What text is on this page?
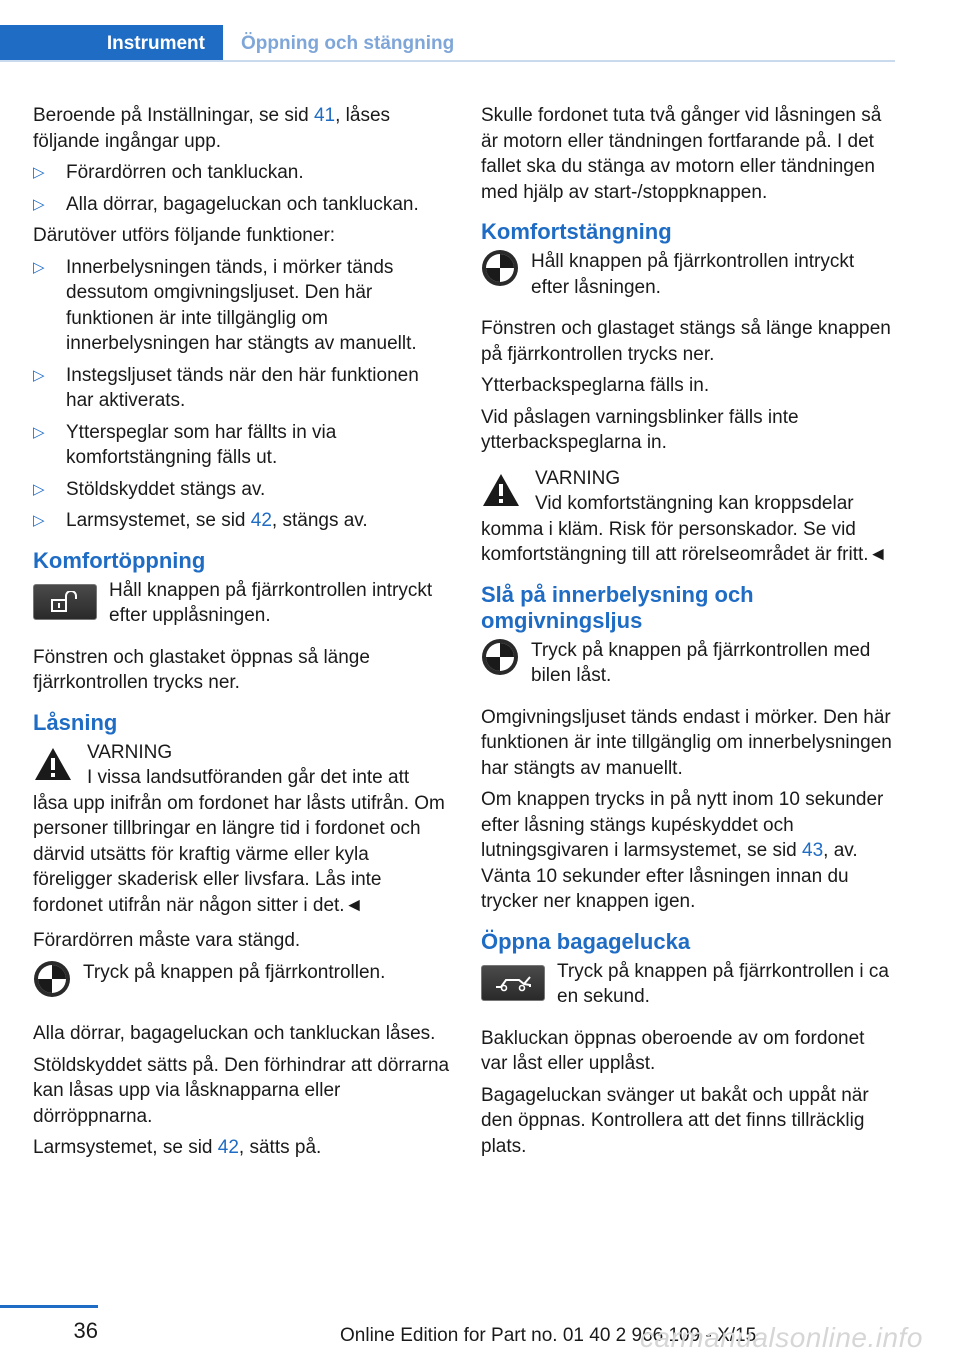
Instrument	Öppning och stängning

Beroende på Inställningar, se sid 41, låses följande ingångar upp.

▷ Förardörren och tankluckan.
▷ Alla dörrar, bagageluckan och tankluckan.

Därutöver utförs följande funktioner:

▷ Innerbelysningen tänds, i mörker tänds dessutom omgivningsljuset. Den här funktionen är inte tillgänglig om innerbelysningen har stängts av manuellt.
▷ Instegsljuset tänds när den här funktionen har aktiverats.
▷ Ytterspeglar som har fällts in via komfortstängning fälls ut.
▷ Stöldskyddet stängs av.
▷ Larmsystemet, se sid 42, stängs av.
Komfortöppning
Håll knappen på fjärrkontrollen intryckt efter upplåsningen.

Fönstren och glastaket öppnas så länge fjärrkontrollen trycks ner.

Låsning
VARNING
I vissa landsutföranden går det inte att
låsa upp inifrån om fordonet har låsts utifrån. Om personer tillbringar en längre tid i fordonet och därvid utsätts för kraftig värme eller kyla föreligger skaderisk eller livsfara. Lås inte fordonet utifrån när någon sitter i det.◄

Förardörren måste vara stängd.

Tryck på knappen på fjärrkontrollen.

Alla dörrar, bagageluckan och tankluckan låses.

Stöldskyddet sätts på. Den förhindrar att dörrarna kan låsas upp via låsknapparna eller dörröppnarna.

Larmsystemet, se sid 42, sätts på.

Skulle fordonet tuta två gånger vid låsningen så är motorn eller tändningen fortfarande på. I det fallet ska du stänga av motorn eller tändningen med hjälp av start-/stoppknappen.

Komfortstängning
Håll knappen på fjärrkontrollen intryckt efter låsningen.

Fönstren och glastaget stängs så länge knappen på fjärrkontrollen trycks ner.

Ytterbackspeglarna fälls in.

Vid påslagen varningsblinker fälls inte ytterbackspeglarna in.

VARNING
Vid komfortstängning kan kroppsdelar
komma i kläm. Risk för personskador. Se vid komfortstängning till att rörelseområdet är fritt.◄
Slå på innerbelysning och omgivningsljus
Tryck på knappen på fjärrkontrollen med bilen låst.

Omgivningsljuset tänds endast i mörker. Den här funktionen är inte tillgänglig om innerbelysningen har stängts av manuellt.

Om knappen trycks in på nytt inom 10 sekunder efter låsning stängs kupéskyddet och lutningsgivaren i larmsystemet, se sid 43, av. Vänta 10 sekunder efter låsningen innan du trycker ner knappen igen.

Öppna bagagelucka
Tryck på knappen på fjärrkontrollen i ca en sekund.

Bakluckan öppnas oberoende av om fordonet var låst eller upplåst.

Bagageluckan svänger ut bakåt och uppåt när den öppnas. Kontrollera att det finns tillräcklig plats.

36	Online Edition for Part no. 01 40 2 966 109 - X/15
carmanualsonline.info
